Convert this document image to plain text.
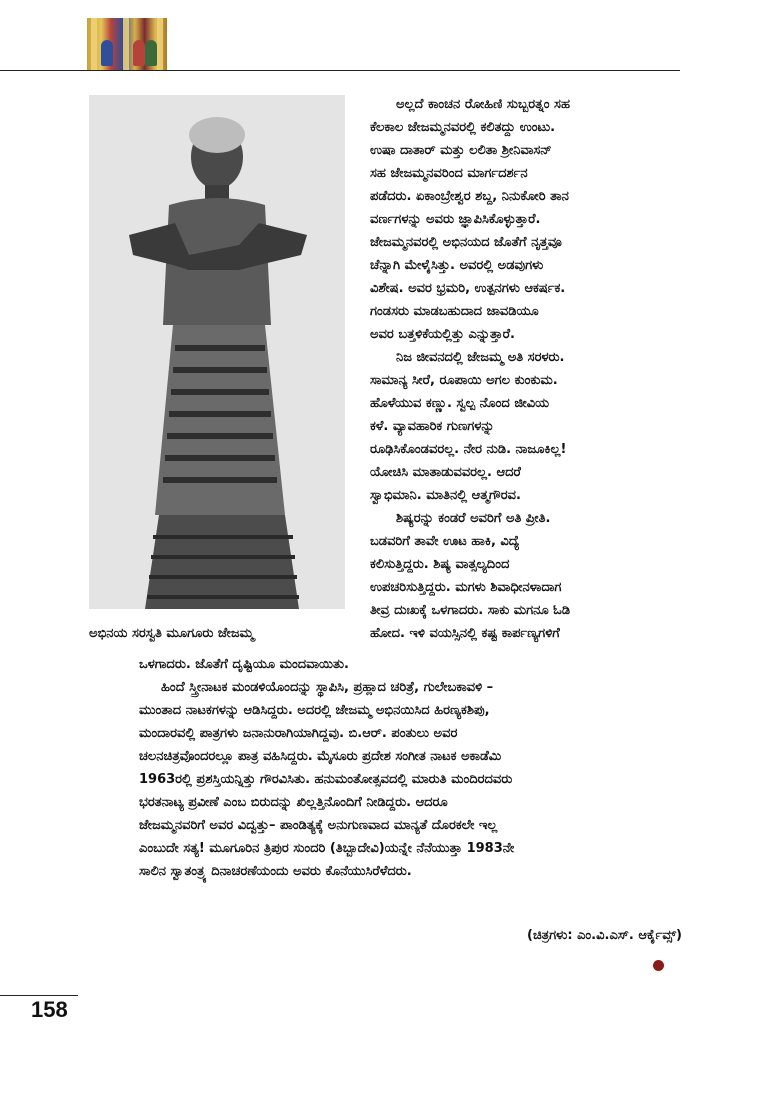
ಅಭಿನಯ ಸರಸ್ವತಿ ಮೂಗೂರು ಜೇಜಮ್ಮ
ಅಲ್ಲದೆ ಕಾಂಚನ ರೋಹಿಣಿ ಸುಬ್ಬರತ್ನಂ ಸಹ
ಕೆಲಕಾಲ ಜೇಜಮ್ಮನವರಲ್ಲಿ ಕಲಿತದ್ದು ಉಂಟು.
ಉಷಾ ದಾತಾರ್ ಮತ್ತು ಲಲಿತಾ ಶ್ರೀನಿವಾಸನ್
ಸಹ ಜೇಜಮ್ಮನವರಿಂದ ಮಾರ್ಗದರ್ಶನ
ಪಡೆದರು. ಏಕಾಂಬ್ರೇಶ್ವರ ಶಬ್ದ, ನಿನುಕೋರಿ ತಾನ
ವರ್ಣಗಳನ್ನು ಅವರು ಜ್ಞಾಪಿಸಿಕೊಳ್ಳುತ್ತಾರೆ.
ಜೇಜಮ್ಮನವರಲ್ಲಿ ಅಭಿನಯದ ಜೊತೆಗೆ ನೃತ್ತವೂ
ಚೆನ್ನಾಗಿ ಮೇಳೈಸಿತ್ತು. ಅವರಲ್ಲಿ ಅಡವುಗಳು
ವಿಶೇಷ. ಅವರ ಭ್ರಮರಿ, ಉತ್ಪನಗಳು ಆಕರ್ಷಕ.
ಗಂಡಸರು ಮಾಡಬಹುದಾದ ಜಾವಡಿಯೂ
ಅವರ ಬತ್ತಳಿಕೆಯಲ್ಲಿತ್ತು ಎನ್ನುತ್ತಾರೆ.
ನಿಜ ಜೀವನದಲ್ಲಿ ಜೇಜಮ್ಮ ಅತಿ ಸರಳರು.
ಸಾಮಾನ್ಯ ಸೀರೆ, ರೂಪಾಯಿ ಅಗಲ ಕುಂಕುಮ.
ಹೊಳೆಯುವ ಕಣ್ಣು. ಸ್ವಲ್ಪ ನೊಂದ ಜೀವಿಯ
ಕಳೆ. ವ್ಯಾವಹಾರಿಕ ಗುಣಗಳನ್ನು
ರೂಢಿಸಿಕೊಂಡವರಲ್ಲ. ನೇರ ನುಡಿ. ನಾಜೂಕಿಲ್ಲ!
ಯೋಚಿಸಿ ಮಾತಾಡುವವರಲ್ಲ. ಆದರೆ
ಸ್ವಾಭಿಮಾನಿ. ಮಾತಿನಲ್ಲಿ ಆತ್ಮಗೌರವ.
ಶಿಷ್ಯರನ್ನು ಕಂಡರೆ ಅವರಿಗೆ ಅತಿ ಪ್ರೀತಿ.
ಬಡವರಿಗೆ ತಾವೇ ಊಟ ಹಾಕಿ, ವಿದ್ಯೆ
ಕಲಿಸುತ್ತಿದ್ದರು. ಶಿಷ್ಯ ವಾತ್ಸಲ್ಯದಿಂದ
ಉಪಚರಿಸುತ್ತಿದ್ದರು. ಮಗಳು ಶಿವಾಧೀನಳಾದಾಗ
ತೀವ್ರ ದುಃಖಕ್ಕೆ ಒಳಗಾದರು. ಸಾಕು ಮಗನೂ ಓಡಿ
ಹೋದ. ಇಳಿ ವಯಸ್ಸಿನಲ್ಲಿ ಕಷ್ಟ ಕಾರ್ಪಣ್ಯಗಳಿಗೆ
ಒಳಗಾದರು. ಜೊತೆಗೆ ದೃಷ್ಟಿಯೂ ಮಂದವಾಯಿತು.
ಹಿಂದೆ ಸ್ತ್ರೀನಾಟಕ ಮಂಡಳಿಯೊಂದನ್ನು ಸ್ಥಾಪಿಸಿ, ಪ್ರಹ್ಲಾದ ಚರಿತ್ರೆ, ಗುಲೇಬಕಾವಳಿ –
ಮುಂತಾದ ನಾಟಕಗಳನ್ನು ಆಡಿಸಿದ್ದರು. ಅದರಲ್ಲಿ ಜೇಜಮ್ಮ ಅಭಿನಯಿಸಿದ ಹಿರಣ್ಯಕಶಿಪು,
ಮಂದಾರವಲ್ಲಿ ಪಾತ್ರಗಳು ಜನಾನುರಾಗಿಯಾಗಿದ್ದವು. ಬಿ.ಆರ್. ಪಂತುಲು ಅವರ
ಚಲನಚಿತ್ರವೊಂದರಲ್ಲೂ ಪಾತ್ರ ವಹಿಸಿದ್ದರು. ಮೈಸೂರು ಪ್ರದೇಶ ಸಂಗೀತ ನಾಟಕ ಅಕಾಡೆಮಿ
1963ರಲ್ಲಿ ಪ್ರಶಸ್ತಿಯನ್ನಿತ್ತು ಗೌರವಿಸಿತು. ಹನುಮಂತೋತ್ಸವದಲ್ಲಿ ಮಾರುತಿ ಮಂದಿರದವರು
ಭರತನಾಟ್ಯ ಪ್ರವೀಣೆ ಎಂಬ ಬಿರುದನ್ನು ಖಿಲ್ಲತ್ತಿನೊಂದಿಗೆ ನೀಡಿದ್ದರು. ಆದರೂ
ಜೇಜಮ್ಮನವರಿಗೆ ಅವರ ವಿದ್ವತ್ತು– ಪಾಂಡಿತ್ಯಕ್ಕೆ ಅನುಗುಣವಾದ ಮಾನ್ಯತೆ ದೊರಕಲೇ ಇಲ್ಲ
ಎಂಬುದೇ ಸತ್ಯ! ಮೂಗೂರಿನ ತ್ರಿಪುರ ಸುಂದರಿ (ತಿಬ್ಬಾದೇವಿ)ಯನ್ನೇ ನೆನೆಯುತ್ತಾ 1983ನೇ
ಸಾಲಿನ ಸ್ವಾತಂತ್ರ್ಯ ದಿನಾಚರಣೆಯಂದು ಅವರು ಕೊನೆಯುಸಿರೆಳೆದರು.
(ಚಿತ್ರಗಳು: ಎಂ.ವಿ.ಎಸ್. ಆರ್ಕೈವ್ಸ್)
158
